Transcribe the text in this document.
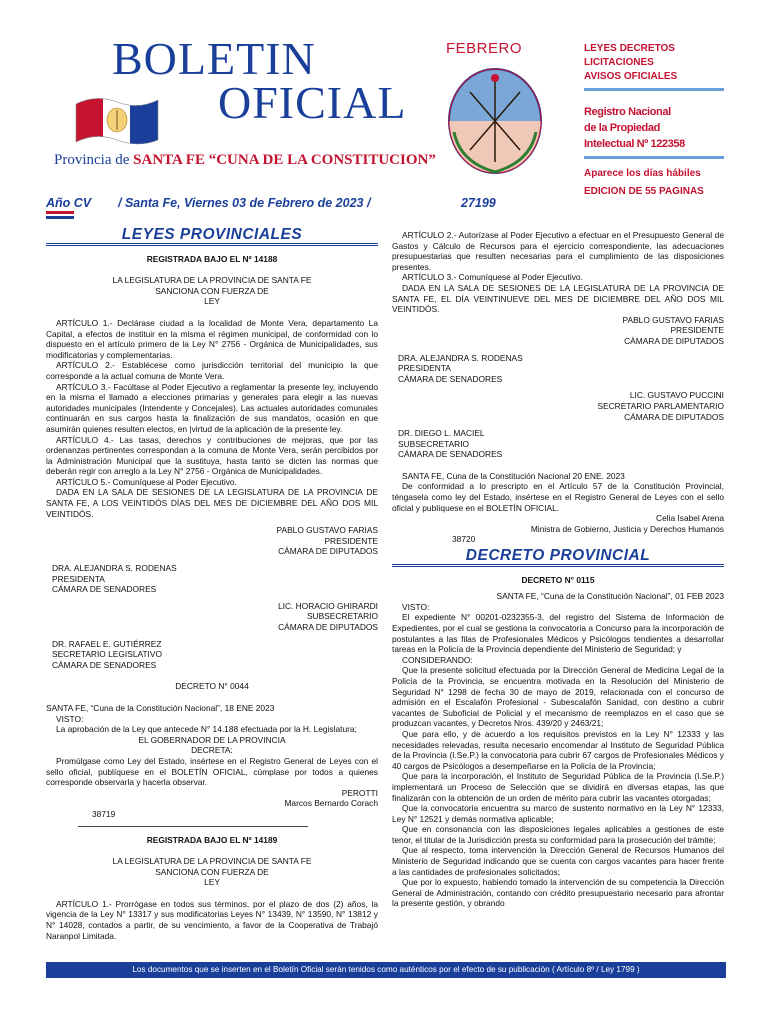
BOLETIN
OFICIAL
Provincia de SANTA FE “CUNA DE LA CONSTITUCION”
FEBRERO	LEYES DECRETOS
LICITACIONES
AVISOS OFICIALES
Registro Nacional
de la Propiedad
Intelectual Nº 122358
Aparece los días hábiles
EDICION DE 55 PAGINAS
Año CV / Santa Fe, Viernes 03 de Febrero de 2023 /	27199
LEYES PROVINCIALES

REGISTRADA BAJO EL Nº 14188

LA LEGISLATURA DE LA PROVINCIA DE SANTA FE

SANCIONA CON FUERZA DE

LEY

ARTÍCULO 1.- Declárase ciudad a la localidad de Monte Vera, departamento La Capital, a efectos de instituir en la misma el régimen municipal, de conformidad con lo dispuesto en el artículo primero de la Ley N° 2756 - Orgánica de Municipalidades, sus modificatorias y complementarias.

ARTÍCULO 2.- Establécese como jurisdicción territorial del municipio la que corresponde a la actual comuna de Monte Vera.

ARTÍCULO 3.- Facúltase al Poder Ejecutivo a reglamentar la presente ley, incluyendo en la misma el llamado a elecciones primarias y generales para elegir a las nuevas autoridades municipales (Intendente y Concejales). Las actuales autoridades comunales continuarán en sus cargos hasta la finalización de sus mandatos, ocasión en que asumirán quienes resulten electos, en |virtud de la aplicación de la presente ley.

ARTÍCULO 4.- Las tasas, derechos y contribuciones de mejoras, que por las ordenanzas pertinentes correspondan a la comuna de Monte Vera, serán percibidos por la Administración Municipal que la sustituya, hasta tanto se dicten las normas que deberán regir con arreglo a la Ley N° 2756 - Orgánica de Municipalidades.

ARTÍCULO 5.- Comuníquese al Poder Ejecutivo.

DADA EN LA SALA DE SESIONES DE LA LEGISLATURA DE LA PROVINCIA DE SANTA FE, A LOS VEINTIDÓS DÍAS DEL MES DE DICIEMBRE DEL AÑO DOS MIL VEINTIDÓS.

PABLO GUSTAVO FARIAS

PRESIDENTE

CÁMARA DE DIPUTADOS

DRA. ALEJANDRA S. RODENAS

PRESIDENTA

CÁMARA DE SENADORES

LIC. HORACIO GHIRARDI

SUBSECRETARIO

CÁMARA DE DIPUTADOS

DR. RAFAEL E. GUTIÉRREZ

SECRETARIO LEGISLATIVO

CÁMARA DE SENADORES

DECRETO N° 0044

SANTA FE, “Cuna de la Constitución Nacional”, 18 ENE 2023

VISTO:

La aprobación de la Ley que antecede N° 14.188 efectuada por la H. Legislatura;

EL GOBERNADOR DE LA PROVINCIA

DECRETA:

Promúlgase como Ley del Estado, insértese en el Registro General de Leyes con el sello oficial, publíquese en el BOLETÍN OFICIAL, cúmplase por todos a quienes corresponde observarla y hacerla observar.

PEROTTI

Marcos Bernardo Corach

38719

REGISTRADA BAJO EL Nº 14189

LA LEGISLATURA DE LA PROVINCIA DE SANTA FE

SANCIONA CON FUERZA DE

LEY

ARTÍCULO 1.- Prorrógase en todos sus términos, por el plazo de dos (2) años, la vigencia de la Ley N° 13317 y sus modificatorias Leyes N° 13439, N° 13590, N° 13812 y N° 14028, contados a partir, de su vencimiento, a favor de la Cooperativa de Trabajó Naranpol Limitada.

ARTÍCULO 2.- Autorízase al Poder Ejecutivo a efectuar en el Presupuesto General de Gastos y Cálculo de Recursos para el ejercicio correspondiente, las adecuaciones presupuestarias que resulten necesarias para el cumplimiento de las disposiciones presentes.

ARTÍCULO 3.- Comuníquese al Poder Ejecutivo.

DADA EN LA SALA DE SESIONES DE LA LEGISLATURA DE LA PROVINCIA DE SANTA FE, EL DÍA VEINTINUEVE DEL MES DE DICIEMBRE DEL AÑO DOS MIL VEINTIDÓS.

PABLO GUSTAVO FARIAS

PRESIDENTE

CÁMARA DE DIPUTADOS

DRA. ALEJANDRA S. RODENAS

PRESIDENTA

CÁMARA DE SENADORES

LIC. GUSTAVO PUCCINI

SECRETARIO PARLAMENTARIO

CÁMARA DE DIPUTADOS

DR. DIEGO L. MACIEL

SUBSECRETARIO

CÁMARA DE SENADORES

SANTA FE, Cuna de la Constitución Nacional 20 ENE. 2023

De conformidad a lo prescripto en el Artículo 57 de la Constitución Provincial, téngasela como ley del Estado, insértese en el Registro General de Leyes con el sello oficial y publíquese en el BOLETÍN OFICIAL.

Celia Isabel Arena

Ministra de Gobierno, Justicia y Derechos Humanos

38720

DECRETO PROVINCIAL

DECRETO N° 0115

SANTA FE, “Cuna de la Constitución Nacional”, 01 FEB 2023

VISTO:

El expediente N° 00201-0232355-3, del registro del Sistema de Información de Expedientes, por el cual se gestiona la convocatoria a Concurso para la incorporación de postulantes a las filas de Profesionales Médicos y Psicólogos tendientes a desarrollar tareas en la Policía de la Provincia dependiente del Ministerio de Seguridad; y

CONSIDERANDO:

Que la presente solicitud efectuada por la Dirección General de Medicina Legal de la Policía de la Provincia, se encuentra motivada en la Resolución del Ministerio de Seguridad N° 1298 de fecha 30 de mayo de 2019, relacionada con el concurso de admisión en el Escalafón Profesional - Subescalafón Sanidad, con destino a cubrir vacantes de Suboficial de Policial y el mecanismo de reemplazos en el caso que se produzcan vacantes, y Decretos Nros. 439/20 y 2463/21;

Que para ello, y de acuerdo a los requisitos previstos en la Ley N° 12333 y las necesidades relevadas, resulta necesario encomendar al Instituto de Seguridad Pública de la Provincia (I.Se.P.) la convocatoria para cubrir 67 cargos de Profesionales Médicos y 40 cargos de Psicólogos a desempeñarse en la Policía de la Provincia;

Que para la incorporación, el Instituto de Seguridad Pública de la Provincia (I.Se.P.) implementará un Proceso de Selección que se dividirá en diversas etapas, las que finalizarán con la obtención de un orden de mérito para cubrir las vacantes otorgadas;

Que la convocatoria encuentra su marco de sustento normativo en la Ley N° 12333, Ley N° 12521 y demás normativa aplicable;

Que en consonancia con las disposiciones legales aplicables a gestiones de este tenor, el titular de la Jurisdicción presta su conformidad para la prosecución del trámite;

Que al respecto, toma intervención la Dirección General de Recursos Humanos del Ministerio de Seguridad indicando que se cuenta con cargos vacantes para hacer frente a las cantidades de profesionales solicitados;

Que por lo expuesto, habiendo tomado la intervención de su competencia la Dirección General de Administración, contando con crédito presupuestario necesario para afrontar la presente gestión, y obrando

Los documentos que se inserten en el Boletín Oficial serán tenidos como auténticos por el efecto de su publicación ( Artículo 8º / Ley 1799 )
